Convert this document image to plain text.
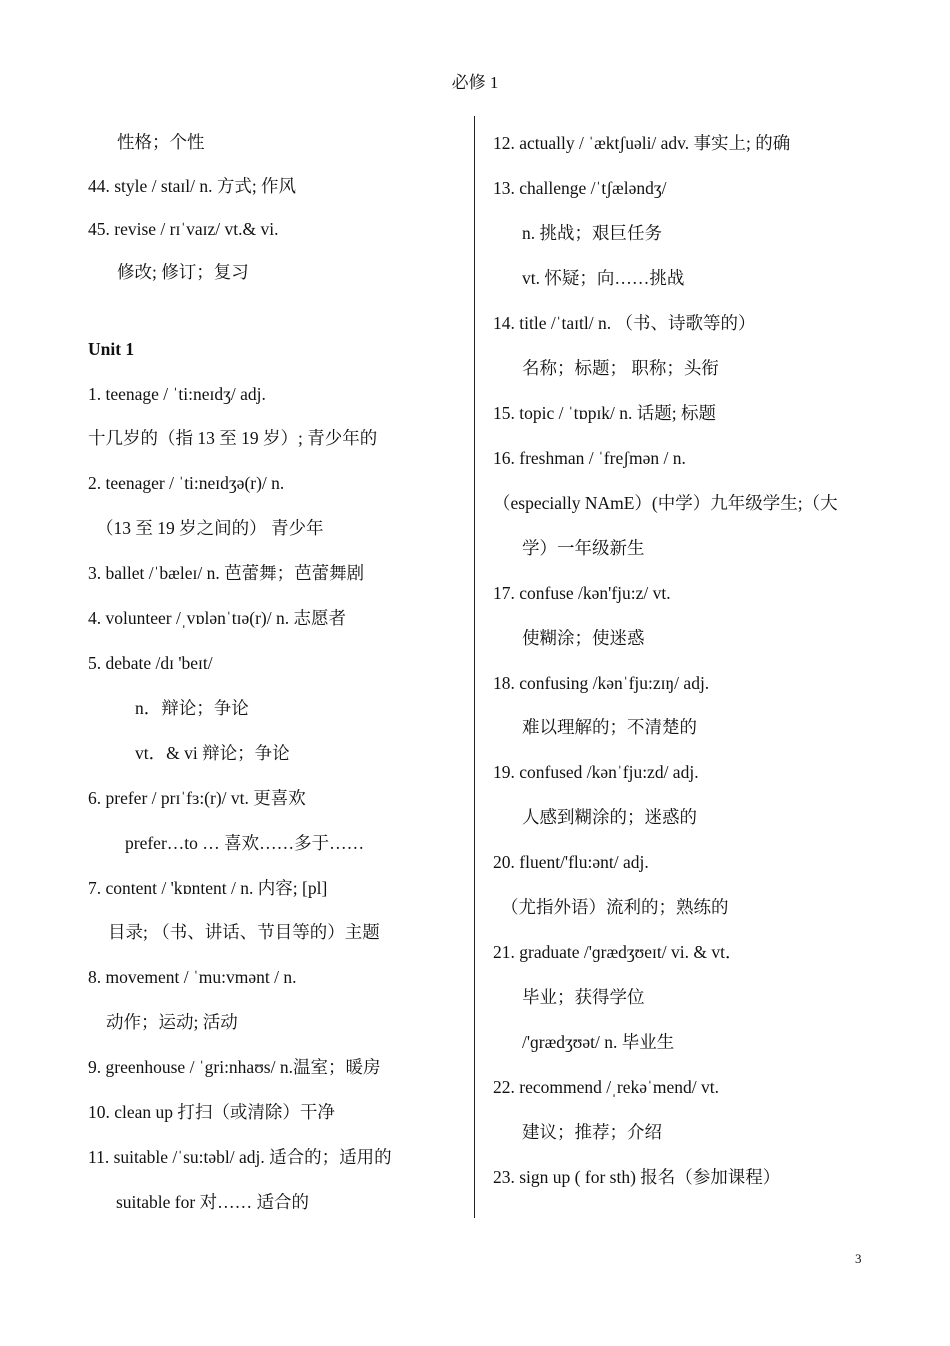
必修 1
性格；个性
44. style / staɪl/ n. 方式; 作风
45. revise / rɪˈvaɪz/ vt.& vi.
修改; 修订；复习
Unit 1
1. teenage / ˈti:neɪdʒ/ adj.
十几岁的（指 13 至 19 岁）; 青少年的
2. teenager / ˈti:neɪdʒə(r)/ n.
（13 至 19 岁之间的） 青少年
3. ballet /ˈbæleɪ/ n. 芭蕾舞；芭蕾舞剧
4. volunteer /ˌvɒlənˈtɪə(r)/ n. 志愿者
5. debate /dɪ 'beɪt/
n．辩论；争论
vt．& vi 辩论；争论
6. prefer / prɪˈfɜ:(r)/ vt. 更喜欢
prefer…to … 喜欢……多于……
7. content / 'kɒntent / n. 内容; [pl]
目录; （书、讲话、节目等的）主题
8. movement / ˈmu:vmənt / n.
动作；运动; 活动
9. greenhouse / ˈgri:nhaʊs/ n.温室；暖房
10. clean up 打扫（或清除）干净
11. suitable /ˈsu:təbl/ adj. 适合的；适用的
suitable for 对…… 适合的
12. actually / ˈæktʃuəli/ adv. 事实上; 的确
13. challenge /ˈtʃæləndʒ/
n. 挑战；艰巨任务
vt. 怀疑；向……挑战
14. title /ˈtaɪtl/ n. （书、诗歌等的）
名称；标题； 职称；头衔
15. topic / ˈtɒpɪk/ n. 话题; 标题
16. freshman / ˈfreʃmən / n.
（especially NAmE）(中学）九年级学生;（大
学）一年级新生
17. confuse /kən'fju:z/ vt.
使糊涂；使迷惑
18. confusing /kənˈfju:zɪŋ/ adj.
难以理解的；不清楚的
19. confused /kənˈfju:zd/ adj.
人感到糊涂的；迷惑的
20. fluent/'flu:ənt/ adj.
（尤指外语）流利的；熟练的
21. graduate /'ɡrædʒʊeɪt/ vi. & vt．
毕业；获得学位
/'ɡrædʒʊət/ n. 毕业生
22. recommend /ˌrekəˈmend/ vt.
建议；推荐；介绍
23. sign up ( for sth) 报名（参加课程）
3
